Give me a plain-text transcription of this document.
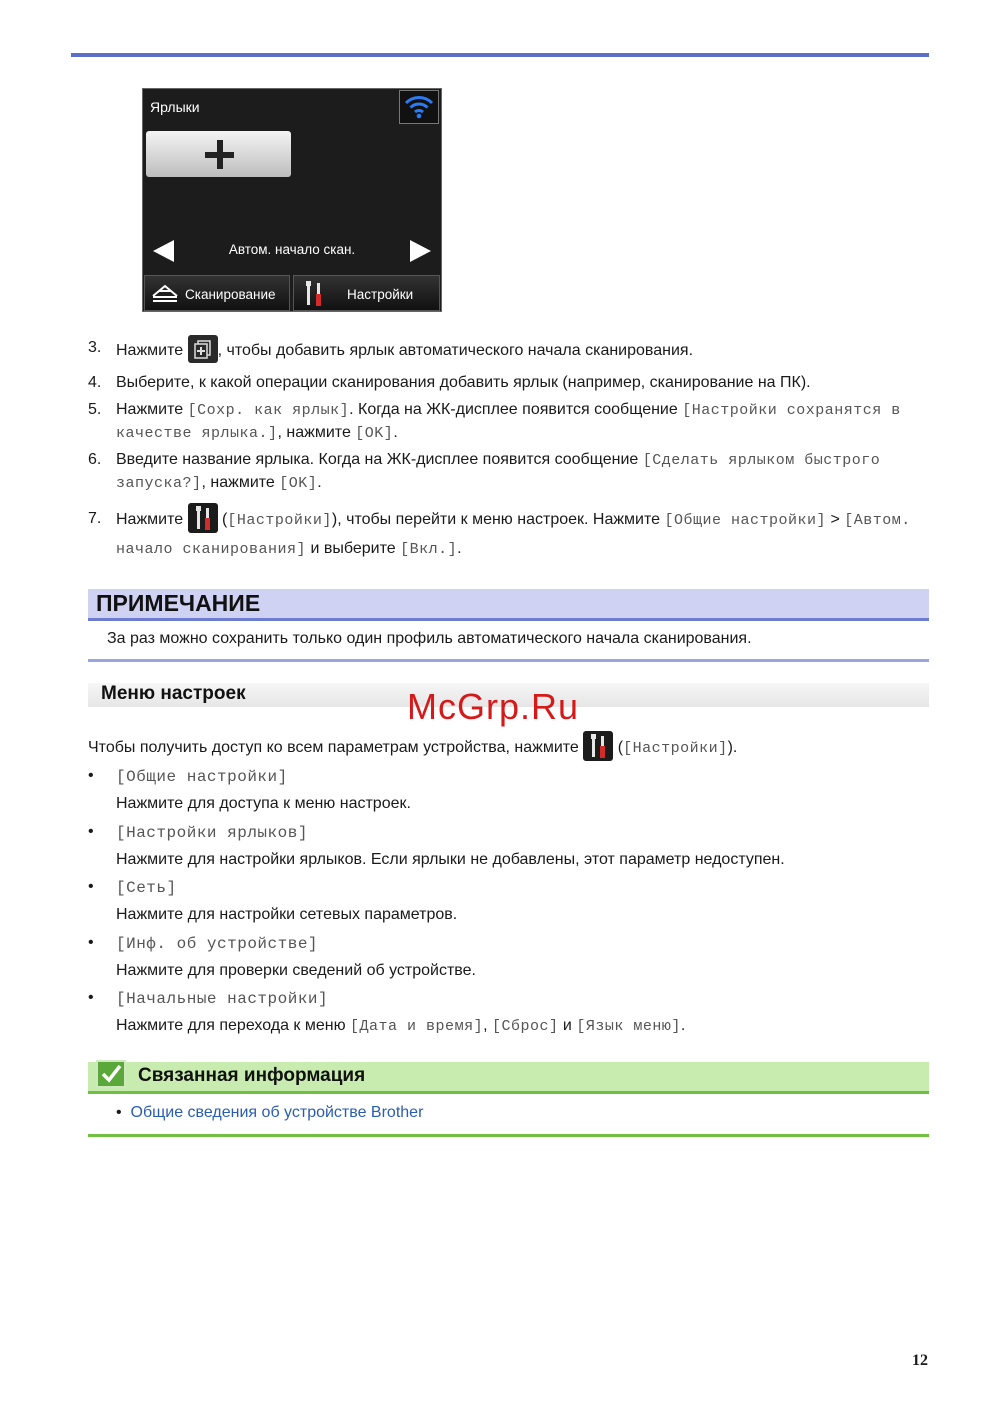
Ярлыки
Автом. начало скан.
Сканирование	Настройки
3. Нажмите , чтобы добавить ярлык автоматического начала сканирования.
4. Выберите, к какой операции сканирования добавить ярлык (например, сканирование на ПК).
5. Нажмите [Сохр. как ярлык]. Когда на ЖК-дисплее появится сообщение [Настройки сохранятся в качестве ярлыка.], нажмите [OK].
6. Введите название ярлыка. Когда на ЖК-дисплее появится сообщение [Сделать ярлыком быстрого запуска?], нажмите [OK].
7. Нажмите  ([Настройки]), чтобы перейти к меню настроек. Нажмите [Общие настройки] > [Автом. начало сканирования] и выберите [Вкл.].
ПРИМЕЧАНИЕ
За раз можно сохранить только один профиль автоматического начала сканирования.
Меню настроек	McGrp.Ru
Чтобы получить доступ ко всем параметрам устройства, нажмите  ([Настройки]).
• [Общие настройки]
Нажмите для доступа к меню настроек.
• [Настройки ярлыков]
Нажмите для настройки ярлыков. Если ярлыки не добавлены, этот параметр недоступен.
• [Сеть]
Нажмите для настройки сетевых параметров.
• [Инф. об устройстве]
Нажмите для проверки сведений об устройстве.
• [Начальные настройки]
Нажмите для перехода к меню [Дата и время], [Сброс] и [Язык меню].
Связанная информация
•  Общие сведения об устройстве Brother
12
